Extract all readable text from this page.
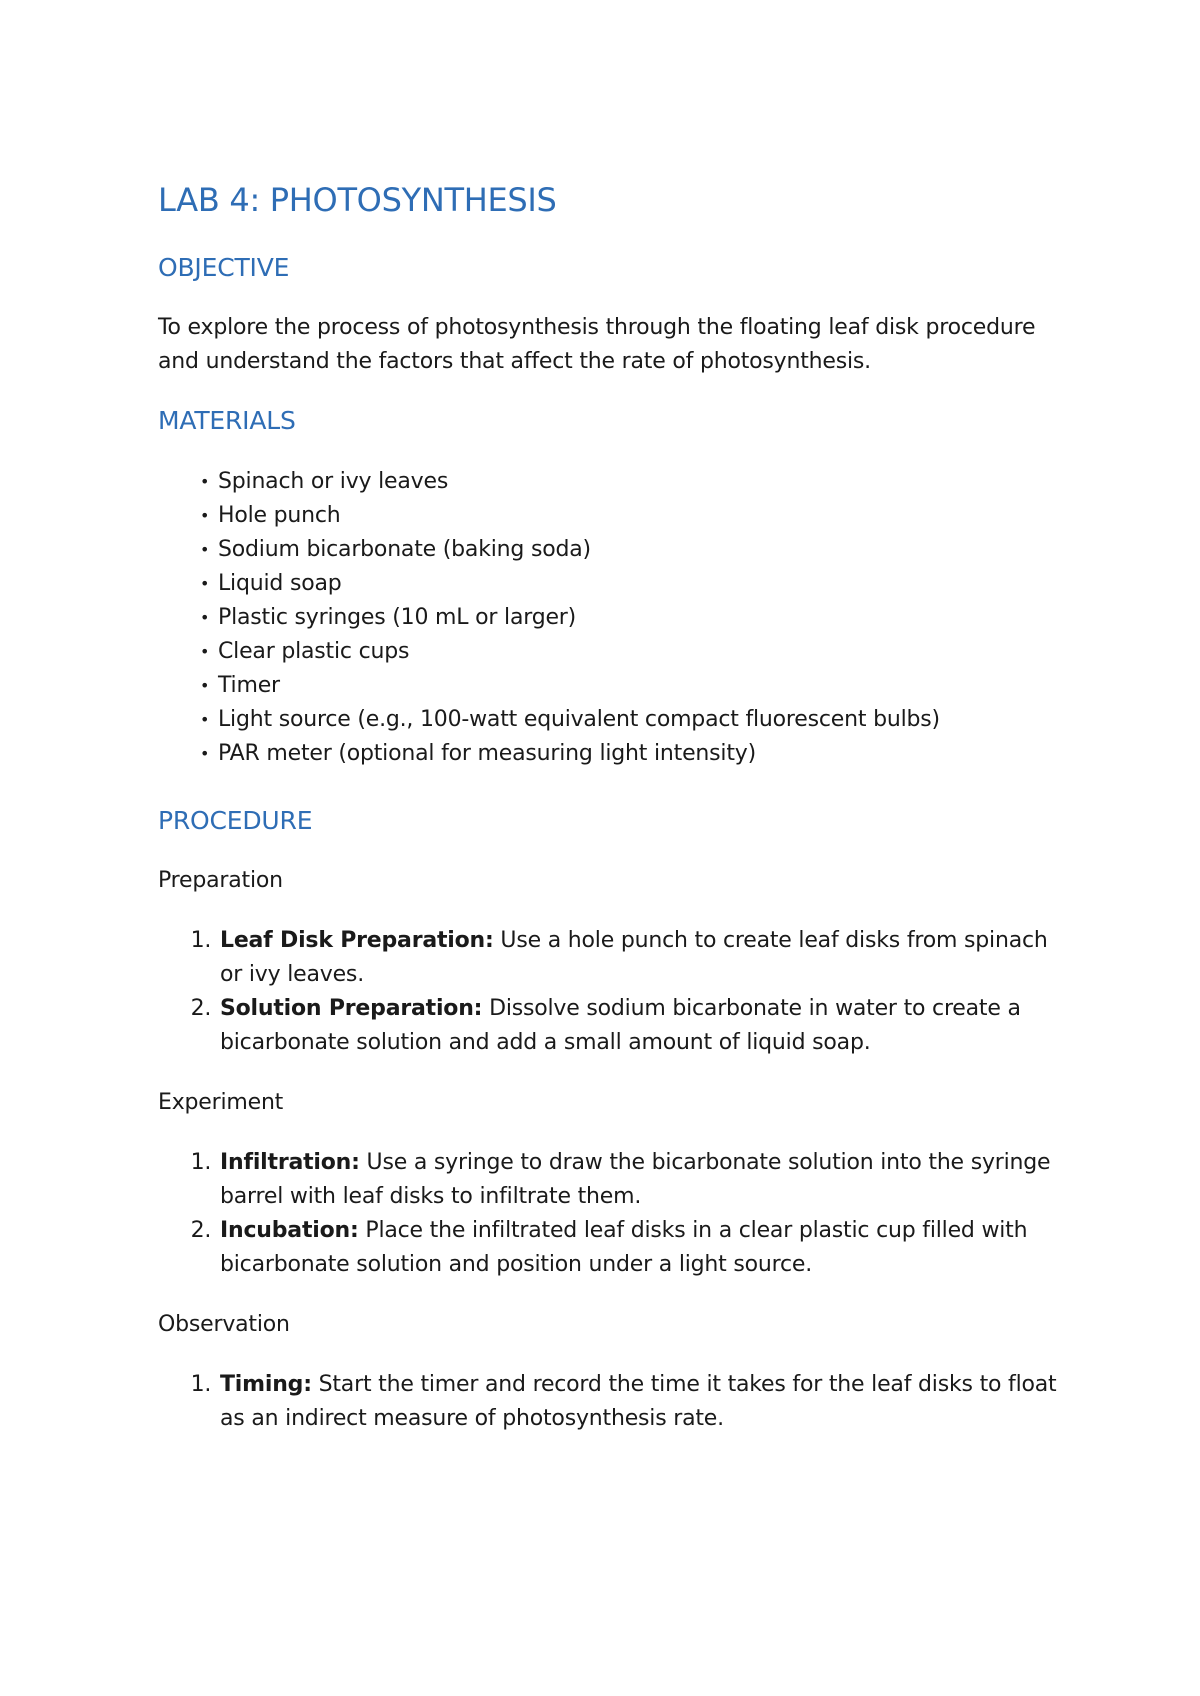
LAB 4: PHOTOSYNTHESIS
OBJECTIVE

To explore the process of photosynthesis through the floating leaf disk procedure and understand the factors that affect the rate of photosynthesis.

MATERIALS
• Spinach or ivy leaves
• Hole punch
• Sodium bicarbonate (baking soda)
• Liquid soap
• Plastic syringes (10 mL or larger)
• Clear plastic cups
• Timer
• Light source (e.g., 100-watt equivalent compact fluorescent bulbs)
• PAR meter (optional for measuring light intensity)
PROCEDURE

Preparation

1. Leaf Disk Preparation: Use a hole punch to create leaf disks from spinach or ivy leaves.
2. Solution Preparation: Dissolve sodium bicarbonate in water to create a bicarbonate solution and add a small amount of liquid soap.

Experiment

1. Infiltration: Use a syringe to draw the bicarbonate solution into the syringe barrel with leaf disks to infiltrate them.
2. Incubation: Place the infiltrated leaf disks in a clear plastic cup filled with bicarbonate solution and position under a light source.

Observation

1. Timing: Start the timer and record the time it takes for the leaf disks to float as an indirect measure of photosynthesis rate.
